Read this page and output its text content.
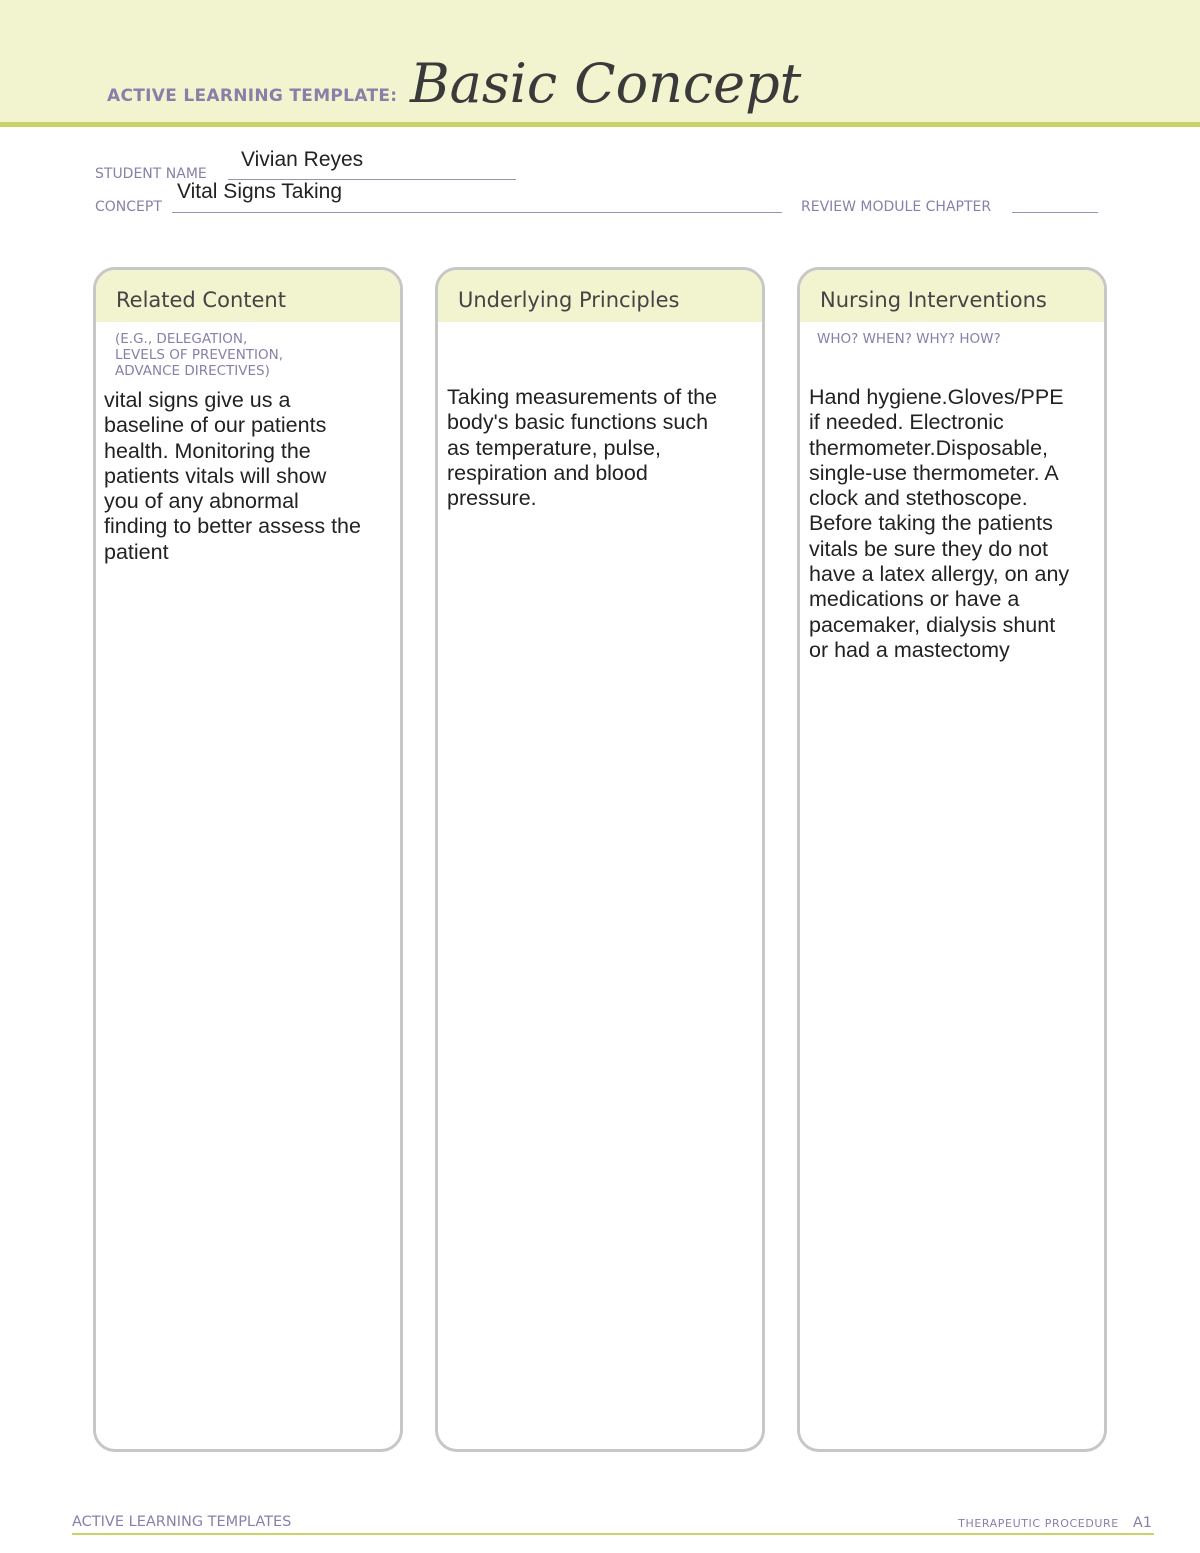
ACTIVE LEARNING TEMPLATE: Basic Concept
STUDENT NAME
Vivian Reyes
CONCEPT
Vital Signs Taking
REVIEW MODULE CHAPTER
Related Content
(E.G., DELEGATION,
LEVELS OF PREVENTION,
ADVANCE DIRECTIVES)
vital signs give us a
baseline of our patients
health. Monitoring the
patients vitals will show
you of any abnormal
finding to better assess the
patient
Underlying Principles
Taking measurements of the
body's basic functions such
as temperature, pulse,
respiration and blood
pressure.
Nursing Interventions
WHO? WHEN? WHY? HOW?
Hand hygiene.Gloves/PPE
if needed. Electronic
thermometer.Disposable,
single-use thermometer. A
clock and stethoscope.
Before taking the patients
vitals be sure they do not
have a latex allergy, on any
medications or have a
pacemaker, dialysis shunt
or had a mastectomy
ACTIVE LEARNING TEMPLATES	THERAPEUTIC PROCEDURE A1
